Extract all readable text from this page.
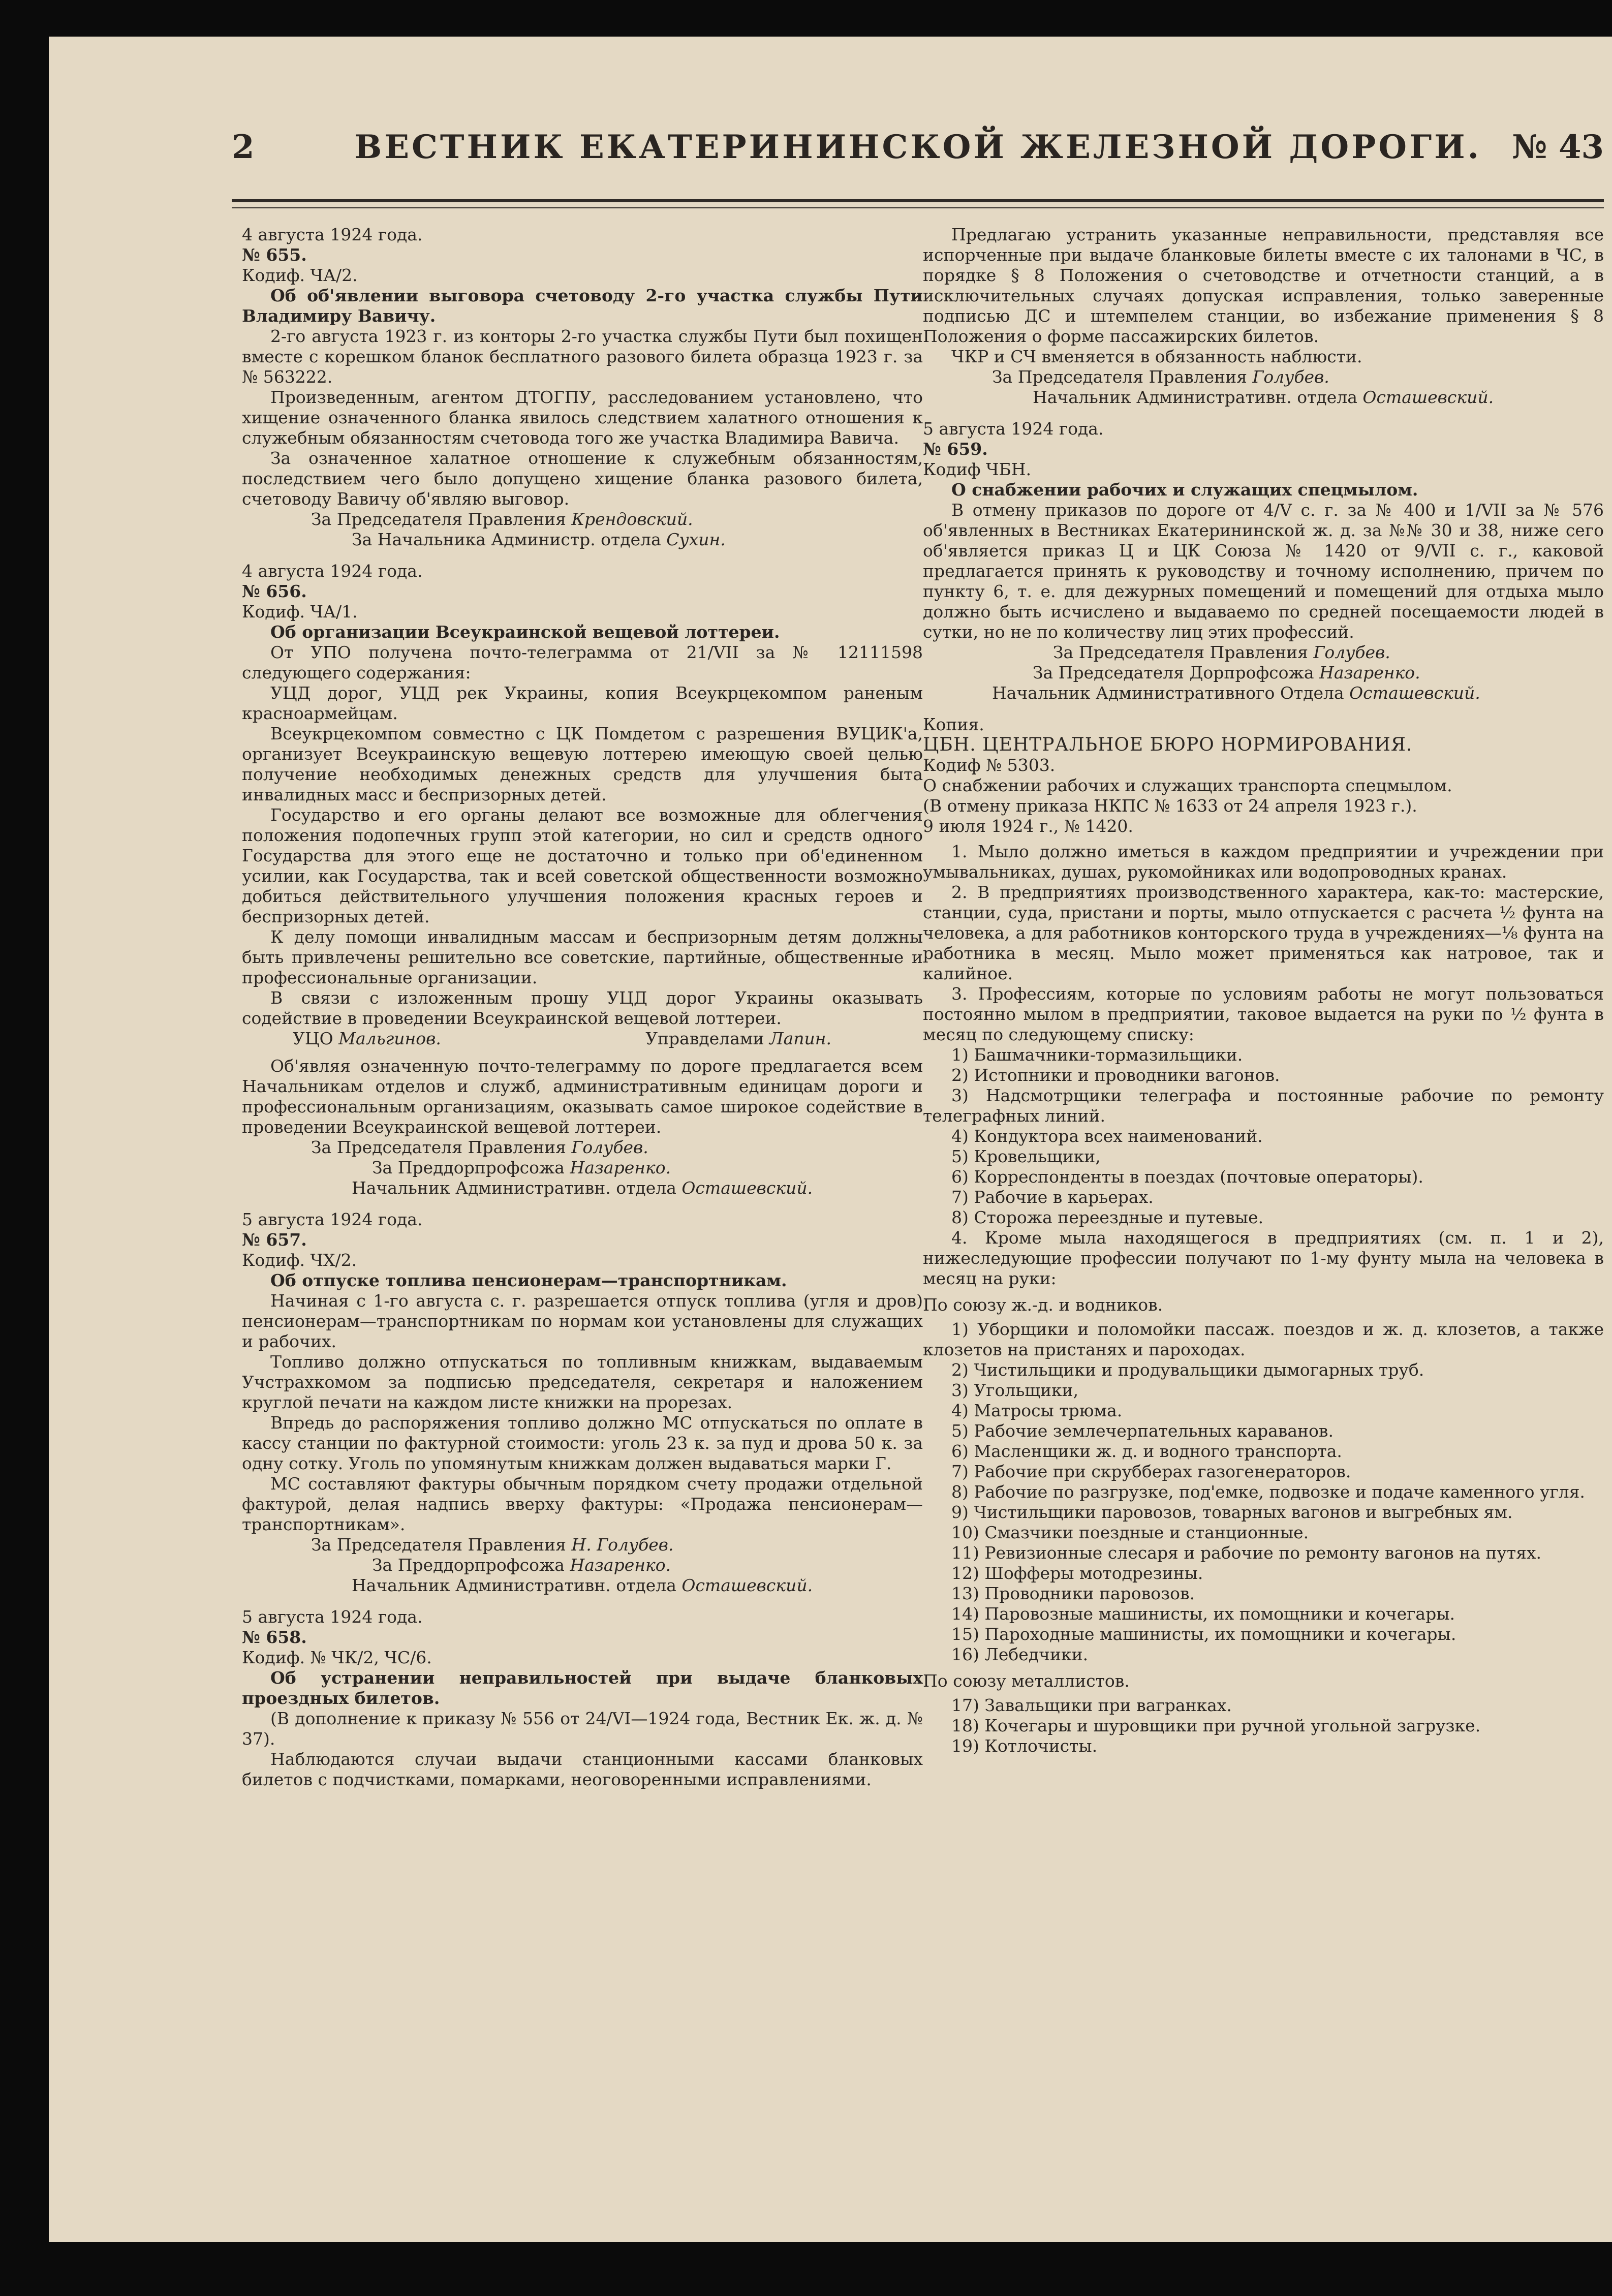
2	ВЕСТНИК ЕКАТЕРИНИНСКОЙ ЖЕЛЕЗНОЙ ДОРОГИ. № 43

4 августа 1924 года.

№ 655.

Кодиф. ЧА/2.

Об об'явлении выговора счетоводу 2-го участка службы Пути Владимиру Вавичу.

2-го августа 1923 г. из конторы 2-го участка службы Пути был похищен вместе с корешком бланок бесплатного разового билета образца 1923 г. за № 563222.

Произведенным, агентом ДТОГПУ, расследованием установлено, что хищение означенного бланка явилось следствием халатного отношения к служебным обязанностям счетовода того же участка Владимира Вавича.

За означенное халатное отношение к служебным обязанностям, последствием чего было допущено хищение бланка разового билета, счетоводу Вавичу об'являю выговор.

За Председателя Правления Крендовский.

За Начальника Администр. отдела Сухин.

4 августа 1924 года.

№ 656.

Кодиф. ЧА/1.

Об организации Всеукраинской вещевой лоттереи.

От УПО получена почто-телеграмма от 21/VII за № 12111598 следующего содержания:

УЦД дорог, УЦД рек Украины, копия Всеукрцекомпом раненым красноармейцам.

Всеукрцекомпом совместно с ЦК Помдетом с разрешения ВУЦИК'а, организует Всеукраинскую вещевую лоттерею имеющую своей целью получение необходимых денежных средств для улучшения быта инвалидных масс и беспризорных детей.

Государство и его органы делают все возможные для облегчения положения подопечных групп этой категории, но сил и средств одного Государства для этого еще не достаточно и только при об'единенном усилии, как Государства, так и всей советской общественности возможно добиться действительного улучшения положения красных героев и беспризорных детей.

К делу помощи инвалидным массам и беспризорным детям должны быть привлечены решительно все советские, партийные, общественные и профессиональные организации.

В связи с изложенным прошу УЦД дорог Украины оказывать содействие в проведении Всеукраинской вещевой лоттереи.

УЦО Мальгинов.	Управделами Лапин.

Об'являя означенную почто-телеграмму по дороге предлагается всем Начальникам отделов и служб, административным единицам дороги и профессиональным организациям, оказывать самое широкое содействие в проведении Всеукраинской вещевой лоттереи.

За Председателя Правления Голубев.

За Преддорпрофсожа Назаренко.

Начальник Административн. отдела Осташевский.

5 августа 1924 года.

№ 657.

Кодиф. ЧХ/2.

Об отпуске топлива пенсионерам—транспортникам.

Начиная с 1-го августа с. г. разрешается отпуск топлива (угля и дров) пенсионерам—транспортникам по нормам кои установлены для служащих и рабочих.

Топливо должно отпускаться по топливным книжкам, выдаваемым Учстрахкомом за подписью председателя, секретаря и наложением круглой печати на каждом листе книжки на прорезах.

Впредь до распоряжения топливо должно МС отпускаться по оплате в кассу станции по фактурной стоимости: уголь 23 к. за пуд и дрова 50 к. за одну сотку. Уголь по упомянутым книжкам должен выдаваться марки Г.

МС составляют фактуры обычным порядком счету продажи отдельной фактурой, делая надпись вверху фактуры: «Продажа пенсионерам—транспортникам».

За Председателя Правления Н. Голубев.

За Преддорпрофсожа Назаренко.

Начальник Административн. отдела Осташевский.

5 августа 1924 года.

№ 658.

Кодиф. № ЧК/2, ЧС/6.

Об устранении неправильностей при выдаче бланковых проездных билетов.

(В дополнение к приказу № 556 от 24/VI—1924 года, Вестник Ек. ж. д. № 37).

Наблюдаются случаи выдачи станционными кассами бланковых билетов с подчистками, помарками, неоговоренными исправлениями.

Предлагаю устранить указанные неправильности, представляя все испорченные при выдаче бланковые билеты вместе с их талонами в ЧС, в порядке § 8 Положения о счетоводстве и отчетности станций, а в исключительных случаях допуская исправления, только заверенные подписью ДС и штемпелем станции, во избежание применения § 8 Положения о форме пассажирских билетов.

ЧКР и СЧ вменяется в обязанность наблюсти.

За Председателя Правления Голубев.

Начальник Административн. отдела Осташевский.

5 августа 1924 года.

№ 659.

Кодиф ЧБН.

О снабжении рабочих и служащих спецмылом.

В отмену приказов по дороге от 4/V с. г. за № 400 и 1/VII за № 576 об'явленных в Вестниках Екатерининской ж. д. за №№ 30 и 38, ниже сего об'является приказ Ц и ЦК Союза № 1420 от 9/VII с. г., каковой предлагается принять к руководству и точному исполнению, причем по пункту 6, т. е. для дежурных помещений и помещений для отдыха мыло должно быть исчислено и выдаваемо по средней посещаемости людей в сутки, но не по количеству лиц этих профессий.

За Председателя Правления Голубев.

За Председателя Дорпрофсожа Назаренко.

Начальник Административного Отдела Осташевский.

Копия.

ЦБН. ЦЕНТРАЛЬНОЕ БЮРО НОРМИРОВАНИЯ.

Кодиф № 5303.

О снабжении рабочих и служащих транспорта спецмылом.

(В отмену приказа НКПС № 1633 от 24 апреля 1923 г.).

9 июля 1924 г., № 1420.

1. Мыло должно иметься в каждом предприятии и учреждении при умывальниках, душах, рукомойниках или водопроводных кранах.

2. В предприятиях производственного характера, как-то: мастерские, станции, суда, пристани и порты, мыло отпускается с расчета ½ фунта на человека, а для работников конторского труда в учреждениях—⅛ фунта на работника в месяц. Мыло может применяться как натровое, так и калийное.

3. Профессиям, которые по условиям работы не могут пользоваться постоянно мылом в предприятии, таковое выдается на руки по ½ фунта в месяц по следующему списку:

1) Башмачники-тормазильщики.

2) Истопники и проводники вагонов.

3) Надсмотрщики телеграфа и постоянные рабочие по ремонту телеграфных линий.

4) Кондуктора всех наименований.

5) Кровельщики,

6) Корреспонденты в поездах (почтовые операторы).

7) Рабочие в карьерах.

8) Сторожа переездные и путевые.

4. Кроме мыла находящегося в предприятиях (см. п. 1 и 2), нижеследующие профессии получают по 1-му фунту мыла на человека в месяц на руки:

По союзу ж.-д. и водников.

1) Уборщики и поломойки пассаж. поездов и ж. д. клозетов, а также клозетов на пристанях и пароходах.

2) Чистильщики и продувальщики дымогарных труб.

3) Угольщики,

4) Матросы трюма.

5) Рабочие землечерпательных караванов.

6) Масленщики ж. д. и водного транспорта.

7) Рабочие при скрубберах газогенераторов.

8) Рабочие по разгрузке, под'емке, подвозке и подаче каменного угля.

9) Чистильщики паровозов, товарных вагонов и выгребных ям.

10) Смазчики поездные и станционные.

11) Ревизионные слесаря и рабочие по ремонту вагонов на путях.

12) Шофферы мотодрезины.

13) Проводники паровозов.

14) Паровозные машинисты, их помощники и кочегары.

15) Пароходные машинисты, их помощники и кочегары.

16) Лебедчики.

По союзу металлистов.

17) Завальщики при вагранках.

18) Кочегары и шуровщики при ручной угольной загрузке.

19) Котлочисты.
